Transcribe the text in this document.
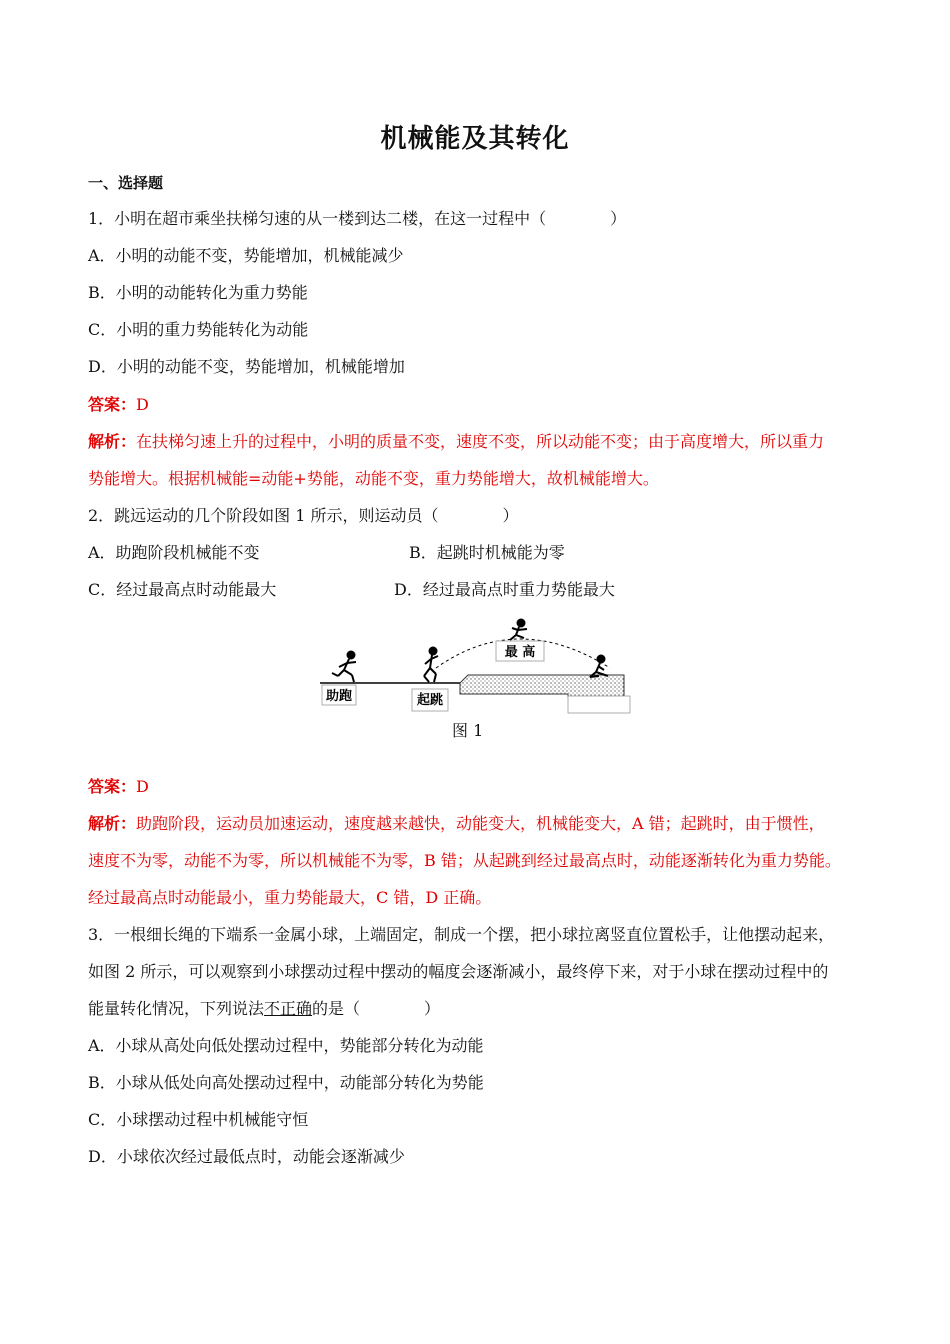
机械能及其转化
一、选择题
1．小明在超市乘坐扶梯匀速的从一楼到达二楼，在这一过程中（　　　　）
A．小明的动能不变，势能增加，机械能减少
B．小明的动能转化为重力势能
C．小明的重力势能转化为动能
D．小明的动能不变，势能增加，机械能增加
答案：D
解析：在扶梯匀速上升的过程中，小明的质量不变，速度不变，所以动能不变；由于高度增大，所以重力
势能增大。根据机械能=动能+势能，动能不变，重力势能增大，故机械能增大。
2．跳远运动的几个阶段如图 1 所示，则运动员（　　　　）
A．助跑阶段机械能不变	B．起跳时机械能为零
C．经过最高点时动能最大	D．经过最高点时重力势能最大
助跑	起跳
最 高
图 1
答案：D
解析：助跑阶段，运动员加速运动，速度越来越快，动能变大，机械能变大，A 错；起跳时，由于惯性，
速度不为零，动能不为零，所以机械能不为零，B 错；从起跳到经过最高点时，动能逐渐转化为重力势能。
经过最高点时动能最小，重力势能最大，C 错，D 正确。
3．一根细长绳的下端系一金属小球，上端固定，制成一个摆，把小球拉离竖直位置松手，让他摆动起来，
如图 2 所示，可以观察到小球摆动过程中摆动的幅度会逐渐减小，最终停下来，对于小球在摆动过程中的
能量转化情况，下列说法不正确的是（　　　　）
A．小球从高处向低处摆动过程中，势能部分转化为动能
B．小球从低处向高处摆动过程中，动能部分转化为势能
C．小球摆动过程中机械能守恒
D．小球依次经过最低点时，动能会逐渐减少
